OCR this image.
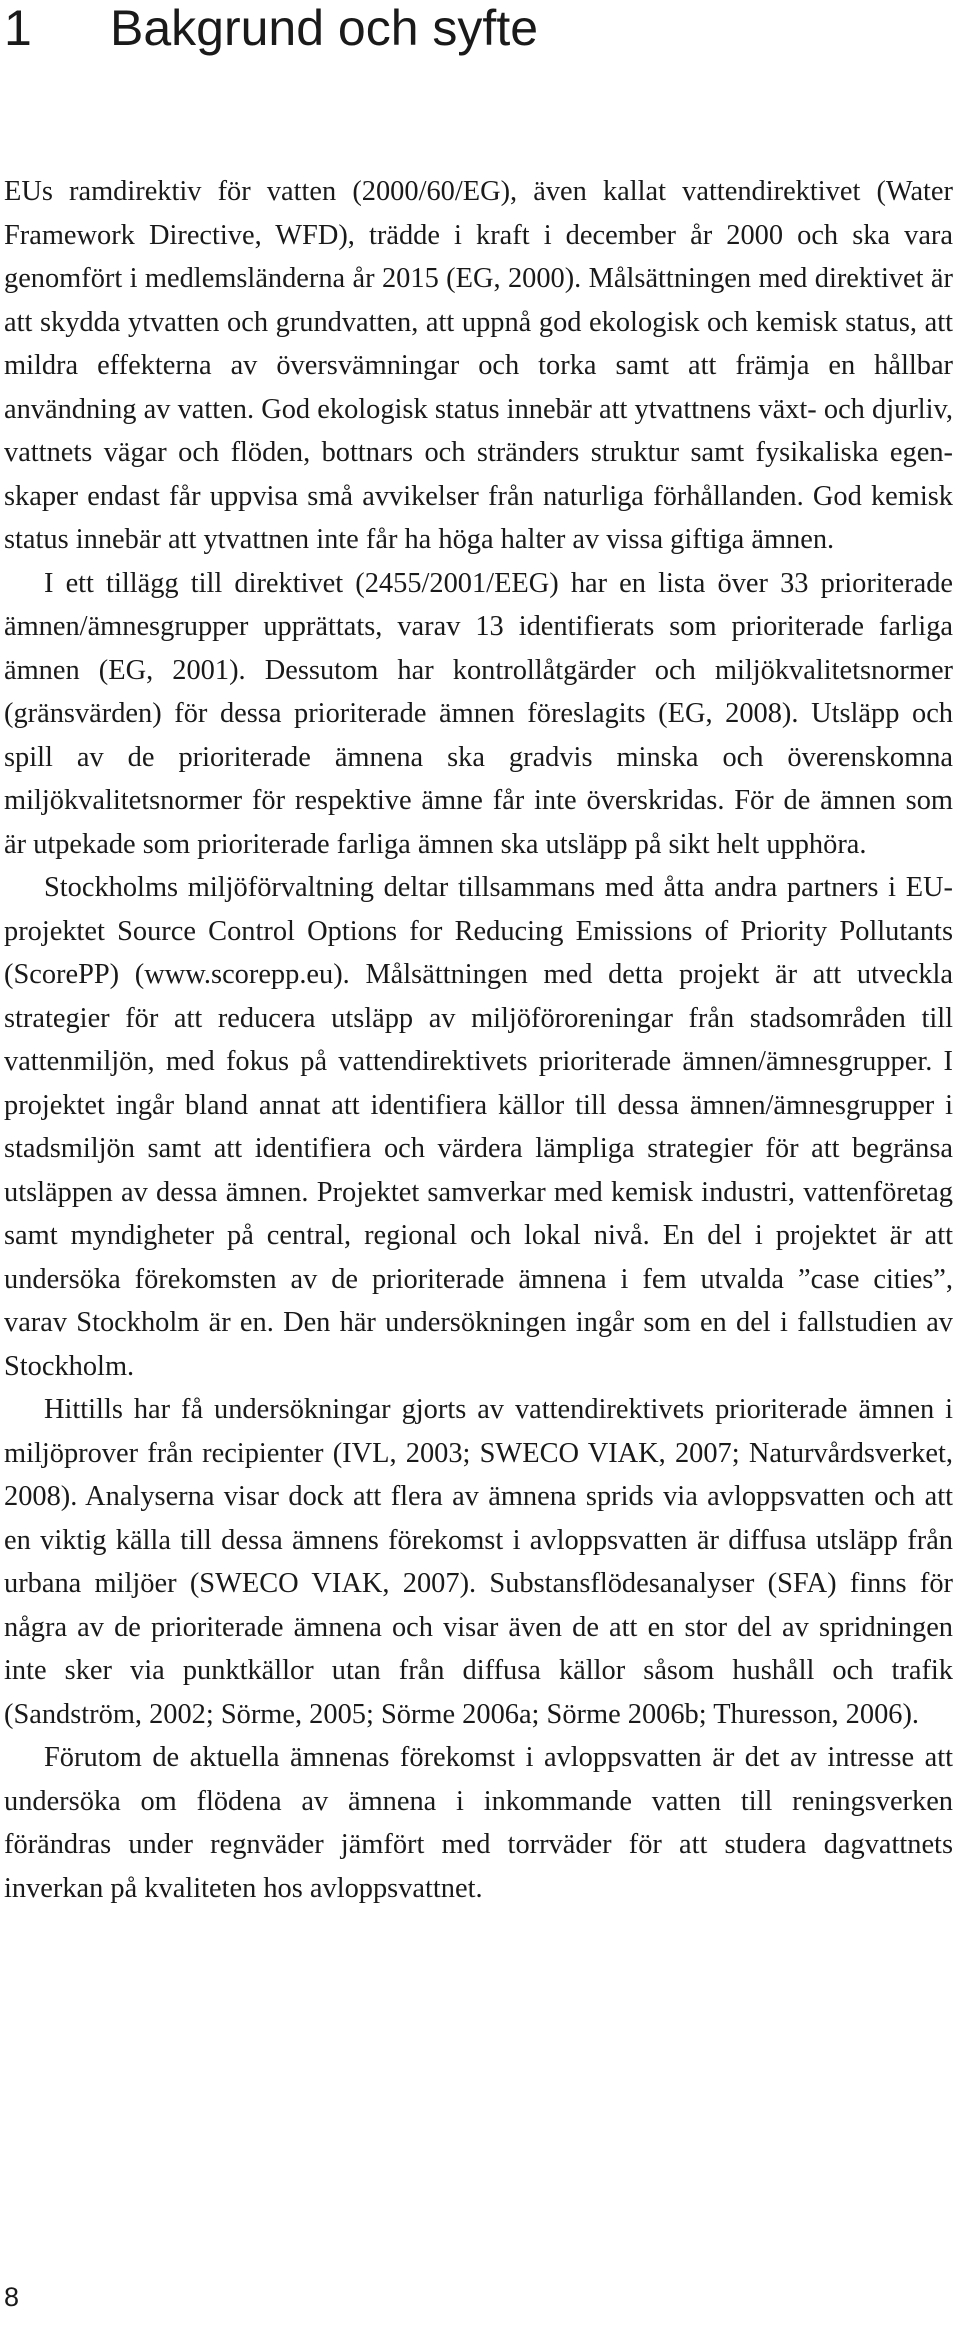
1 Bakgrund och syfte

EUs ramdirektiv för vatten (2000/60/EG), även kallat vattendirektivet (Water Framework Directive, WFD), trädde i kraft i december år 2000 och ska vara genomfört i medlemsländerna år 2015 (EG, 2000). Målsättningen med direktivet är att skydda ytvatten och grundvatten, att uppnå god ekologisk och kemisk status, att mildra effekterna av översvämningar och torka samt att främja en hållbar användning av vatten. God ekologisk status innebär att ytvattnens växt- och djurliv, vattnets vägar och flöden, bottnars och stränders struktur samt fysikaliska egenskaper endast får uppvisa små avvikelser från naturliga förhållanden. God kemisk status innebär att ytvattnen inte får ha höga halter av vissa giftiga ämnen.

I ett tillägg till direktivet (2455/2001/EEG) har en lista över 33 prioriterade ämnen/ämnesgrupper upprättats, varav 13 identifierats som prioriterade farliga ämnen (EG, 2001). Dessutom har kontrollåtgärder och miljökvalitetsnormer (gränsvärden) för dessa prioriterade ämnen föreslagits (EG, 2008). Utsläpp och spill av de prioriterade ämnena ska gradvis minska och överenskomna miljökvalitetsnormer för respektive ämne får inte överskridas. För de ämnen som är utpekade som prioriterade farliga ämnen ska utsläpp på sikt helt upphöra.

Stockholms miljöförvaltning deltar tillsammans med åtta andra partners i EU-projektet Source Control Options for Reducing Emissions of Priority Pollutants (ScorePP) (www.scorepp.eu). Målsättningen med detta projekt är att utveckla strategier för att reducera utsläpp av miljöföroreningar från stadsområden till vattenmiljön, med fokus på vattendirektivets prioriterade ämnen/ämnesgrupper. I projektet ingår bland annat att identifiera källor till dessa ämnen/ämnesgrupper i stadsmiljön samt att identifiera och värdera lämpliga strategier för att begränsa utsläppen av dessa ämnen. Projektet samverkar med kemisk industri, vattenföretag samt myndigheter på central, regional och lokal nivå. En del i projektet är att undersöka förekomsten av de prioriterade ämnena i fem utvalda ”case cities”, varav Stockholm är en. Den här undersökningen ingår som en del i fallstudien av Stockholm.

Hittills har få undersökningar gjorts av vattendirektivets prioriterade ämnen i miljöprover från recipienter (IVL, 2003; SWECO VIAK, 2007; Naturvårdsverket, 2008). Analyserna visar dock att flera av ämnena sprids via avloppsvatten och att en viktig källa till dessa ämnens förekomst i avloppsvatten är diffusa utsläpp från urbana miljöer (SWECO VIAK, 2007). Substansflödesanalyser (SFA) finns för några av de prioriterade ämnena och visar även de att en stor del av spridningen inte sker via punktkällor utan från diffusa källor såsom hushåll och trafik (Sandström, 2002; Sörme, 2005; Sörme 2006a; Sörme 2006b; Thuresson, 2006).

Förutom de aktuella ämnenas förekomst i avloppsvatten är det av intresse att undersöka om flödena av ämnena i inkommande vatten till reningsverken förändras under regnväder jämfört med torrväder för att studera dagvattnets inverkan på kvaliteten hos avloppsvattnet.

8
